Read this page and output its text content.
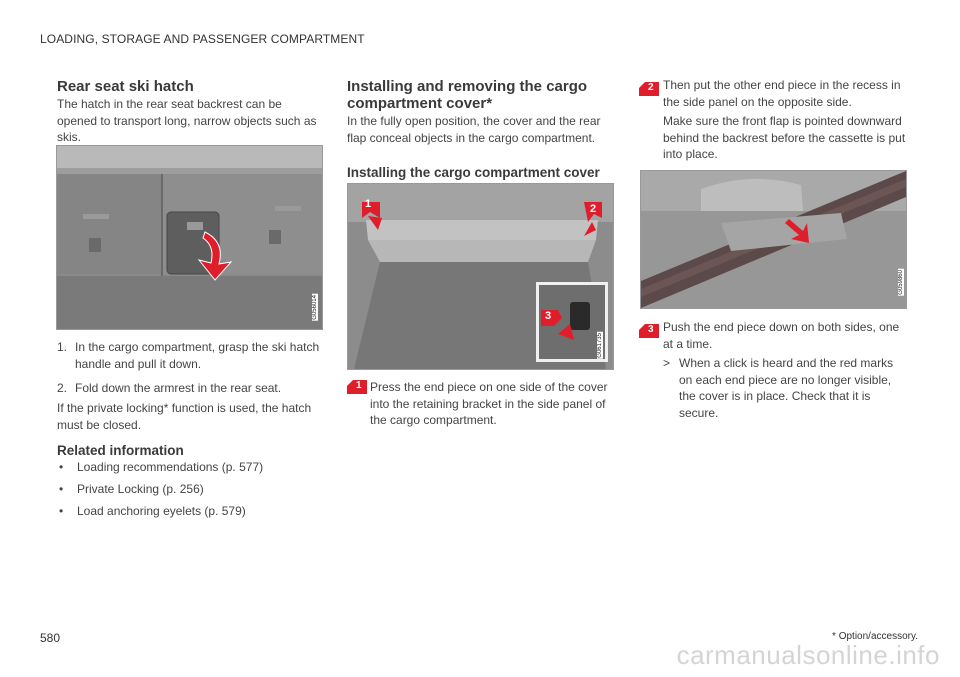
LOADING, STORAGE AND PASSENGER COMPARTMENT
Rear seat ski hatch
The hatch in the rear seat backrest can be opened to transport long, narrow objects such as skis.
G056014
1. In the cargo compartment, grasp the ski hatch handle and pull it down.
2. Fold down the armrest in the rear seat.
If the private locking* function is used, the hatch must be closed.
Related information
• Loading recommendations (p. 577)
• Private Locking (p. 256)
• Load anchoring eyelets (p. 579)
Installing and removing the cargo compartment cover*
In the fully open position, the cover and the rear flap conceal objects in the cargo compartment.
Installing the cargo compartment cover
1	2
3
G061735
1 Press the end piece on one side of the cover into the retaining bracket in the side panel of the cargo compartment.
2 Then put the other end piece in the recess in the side panel on the opposite side.
Make sure the front flap is pointed downward behind the backrest before the cassette is put into place.
G059860
3 Push the end piece down on both sides, one at a time.
> When a click is heard and the red marks on each end piece are no longer visible, the cover is in place. Check that it is secure.
580	* Option/accessory.
carmanualsonline.info
